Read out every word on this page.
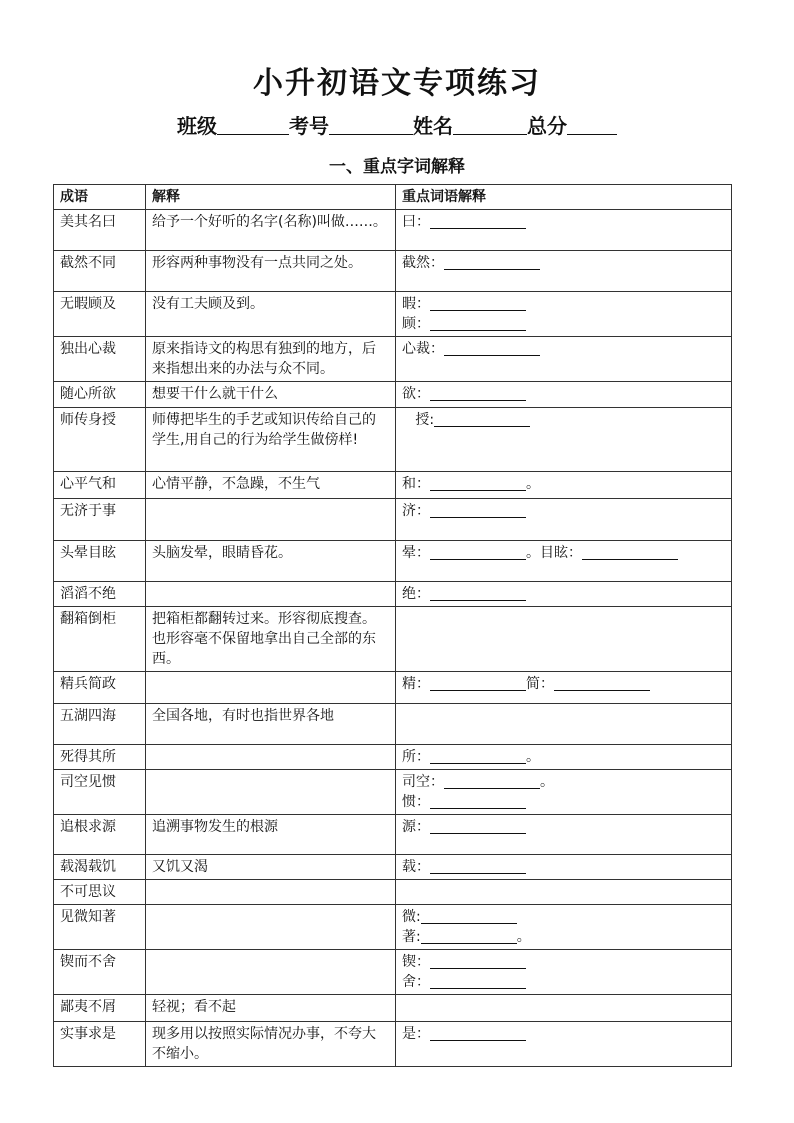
小升初语文专项练习
班级	考号	姓名	总分
一、重点字词解释
成语	解释	重点词语解释
美其名曰	给予一个好听的名字(名称)叫做……。	曰：

截然不同	形容两种事物没有一点共同之处。	截然：

无暇顾及	没有工夫顾及到。	暇：
顾：

独出心裁	原来指诗文的构思有独到的地方，后来指想出来的办法与众不同。	心裁：

随心所欲	想要干什么就干什么	欲：

师传身授	师傅把毕生的手艺或知识传给自己的学生,用自己的行为给学生做傍样!	授:

心平气和	心情平静，不急躁，不生气	和： 。

无济于事		济：

头晕目眩	头脑发晕，眼睛昏花。	晕： 。目眩：

滔滔不绝		绝：

翻箱倒柜	把箱柜都翻转过来。形容彻底搜查。也形容毫不保留地拿出自己全部的东西。	
精兵简政		精： 简：

五湖四海	全国各地，有时也指世界各地	
死得其所		所： 。

司空见惯		司空： 。
惯：

追根求源	追溯事物发生的根源	源：

载渴载饥	又饥又渴	载：

不可思议		
见微知著		微:
著: 。

锲而不舍		锲：
舍：

鄙夷不屑	轻视；看不起	
实事求是	现多用以按照实际情况办事，不夸大不缩小。	是：
